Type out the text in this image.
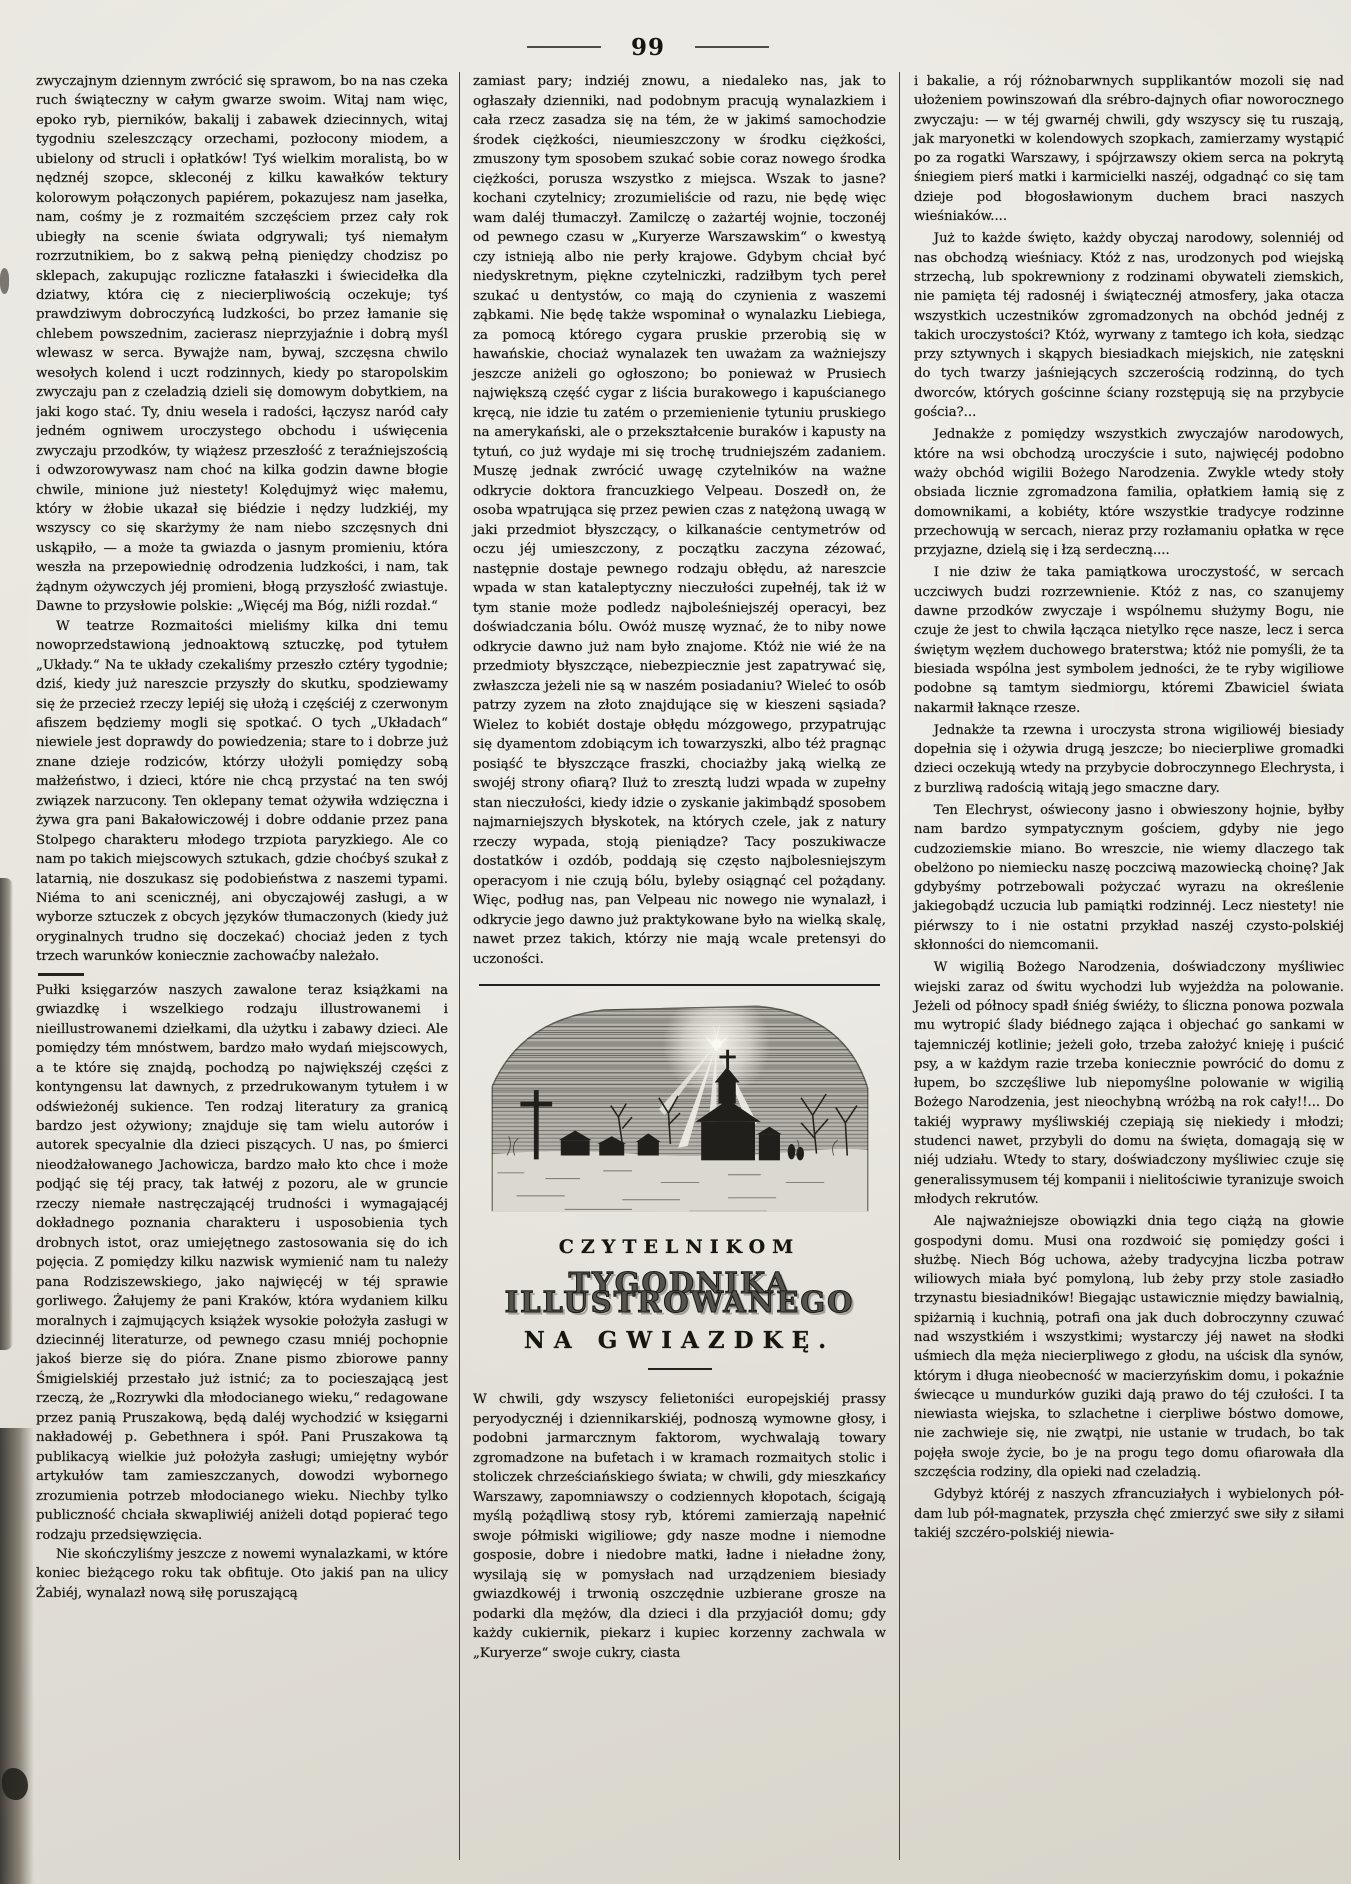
99

zwyczajnym dziennym zwrócić się sprawom, bo na nas czeka ruch świąteczny w całym gwarze swoim. Witaj nam więc, epoko ryb, pierników, bakalij i zabawek dziecinnych, witaj tygodniu szeleszczący orzechami, pozłocony miodem, a ubielony od strucli i opłatków! Tyś wielkim moralistą, bo w nędznéj szopce, skleconéj z kilku kawałków tektury kolorowym połączonych papiérem, pokazujesz nam jasełka, nam, cośmy je z rozmaitém szczęściem przez cały rok ubiegły na scenie świata odgrywali; tyś niemałym rozrzutnikiem, bo z sakwą pełną pieniędzy chodzisz po sklepach, zakupując rozliczne fatałaszki i świecidełka dla dziatwy, która cię z niecierpliwością oczekuje; tyś prawdziwym dobroczyńcą ludzkości, bo przez łamanie się chlebem powszednim, zacierasz nieprzyjaźnie i dobrą myśl wlewasz w serca. Bywajże nam, bywaj, szczęsna chwilo wesołych kolend i uczt rodzinnych, kiedy po staropolskim zwyczaju pan z czeladzią dzieli się domowym dobytkiem, na jaki kogo stać. Ty, dniu wesela i radości, łączysz naród cały jedném ogniwem uroczystego obchodu i uświęcenia zwyczaju przodków, ty wiążesz przeszłość z teraźniejszością i odwzorowywasz nam choć na kilka godzin dawne błogie chwile, minione już niestety! Kolędujmyż więc małemu, który w żłobie ukazał się biédzie i nędzy ludzkiéj, my wszyscy co się skarżymy że nam niebo szczęsnych dni uskąpiło, — a może ta gwiazda o jasnym promieniu, która weszła na przepowiednię odrodzenia ludzkości, i nam, tak żądnym ożywczych jéj promieni, błogą przyszłość zwiastuje. Dawne to przysłowie polskie: „Więcéj ma Bóg, niźli rozdał.“

W teatrze Rozmaitości mieliśmy kilka dni temu nowoprzedstawioną jednoaktową sztuczkę, pod tytułem „Układy.“ Na te układy czekaliśmy przeszło cztéry tygodnie; dziś, kiedy już nareszcie przyszły do skutku, spodziewamy się że przecież rzeczy lepiéj się ułożą i częściéj z czerwonym afiszem będziemy mogli się spotkać. O tych „Układach“ niewiele jest doprawdy do powiedzenia; stare to i dobrze już znane dzieje rodziców, którzy ułożyli pomiędzy sobą małżeństwo, i dzieci, które nie chcą przystać na ten swój związek narzucony. Ten oklepany temat ożywiła wdzięczna i żywa gra pani Bakałowiczowéj i dobre oddanie przez pana Stolpego charakteru młodego trzpiota paryzkiego. Ale co nam po takich miejscowych sztukach, gdzie choćbyś szukał z latarnią, nie doszukasz się podobieństwa z naszemi typami. Niéma to ani scenicznéj, ani obyczajowéj zasługi, a w wyborze sztuczek z obcych języków tłumaczonych (kiedy już oryginalnych trudno się doczekać) chociaż jeden z tych trzech warunków koniecznie zachowaćby należało.

Pułki księgarzów naszych zawalone teraz książkami na gwiazdkę i wszelkiego rodzaju illustrowanemi i nieillustrowanemi dziełkami, dla użytku i zabawy dzieci. Ale pomiędzy tém mnóstwem, bardzo mało wydań miejscowych, a te które się znajdą, pochodzą po największéj części z kontyngensu lat dawnych, z przedrukowanym tytułem i w odświeżonéj sukience. Ten rodzaj literatury za granicą bardzo jest ożywiony; znajduje się tam wielu autorów i autorek specyalnie dla dzieci piszących. U nas, po śmierci nieodżałowanego Jachowicza, bardzo mało kto chce i może podjąć się téj pracy, tak łatwéj z pozoru, ale w gruncie rzeczy niemałe nastręczającéj trudności i wymagającéj dokładnego poznania charakteru i usposobienia tych drobnych istot, oraz umiejętnego zastosowania się do ich pojęcia. Z pomiędzy kilku nazwisk wymienić nam tu należy pana Rodziszewskiego, jako najwięcéj w téj sprawie gorliwego. Żałujemy że pani Kraków, która wydaniem kilku moralnych i zajmujących książek wysokie położyła zasługi w dziecinnéj literaturze, od pewnego czasu mniéj pochopnie jakoś bierze się do pióra. Znane pismo zbiorowe panny Śmigielskiéj przestało już istnić; za to pocieszającą jest rzeczą, że „Rozrywki dla młodocianego wieku,“ redagowane przez panią Pruszakową, będą daléj wychodzić w księgarni nakładowéj p. Gebethnera i spół. Pani Pruszakowa tą publikacyą wielkie już położyła zasługi; umiejętny wybór artykułów tam zamieszczanych, dowodzi wybornego zrozumienia potrzeb młodocianego wieku. Niechby tylko publiczność chciała skwapliwiéj aniżeli dotąd popierać tego rodzaju przedsięwzięcia.

Nie skończyliśmy jeszcze z nowemi wynalazkami, w które koniec bieżącego roku tak obfituje. Oto jakiś pan na ulicy Żabiéj, wynalazł nową siłę poruszającą

zamiast pary; indziéj znowu, a niedaleko nas, jak to ogłaszały dzienniki, nad podobnym pracują wynalazkiem i cała rzecz zasadza się na tém, że w jakimś samochodzie środek ciężkości, nieumieszczony w środku ciężkości, zmuszony tym sposobem szukać sobie coraz nowego środka ciężkości, porusza wszystko z miejsca. Wszak to jasne? kochani czytelnicy; zrozumieliście od razu, nie będę więc wam daléj tłumaczył. Zamilczę o zażartéj wojnie, toczonéj od pewnego czasu w „Kuryerze Warszawskim“ o kwestyą czy istnieją albo nie perły krajowe. Gdybym chciał być niedyskretnym, piękne czytelniczki, radziłbym tych pereł szukać u dentystów, co mają do czynienia z waszemi ząbkami. Nie będę także wspominał o wynalazku Liebiega, za pomocą którego cygara pruskie przerobią się w hawańskie, chociaż wynalazek ten uważam za ważniejszy jeszcze aniżeli go ogłoszono; bo ponieważ w Prusiech największą część cygar z liścia burakowego i kapuścianego kręcą, nie idzie tu zatém o przemienienie tytuniu pruskiego na amerykański, ale o przekształcenie buraków i kapusty na tytuń, co już wydaje mi się trochę trudniejszém zadaniem. Muszę jednak zwrócić uwagę czytelników na ważne odkrycie doktora francuzkiego Velpeau. Doszedł on, że osoba wpatrująca się przez pewien czas z natężoną uwagą w jaki przedmiot błyszczący, o kilkanaście centymetrów od oczu jéj umieszczony, z początku zaczyna zézować, następnie dostaje pewnego rodzaju obłędu, aż nareszcie wpada w stan kataleptyczny nieczułości zupełnéj, tak iż w tym stanie może podledz najboleśniejszéj operacyi, bez doświadczania bólu. Owóż muszę wyznać, że to niby nowe odkrycie dawno już nam było znajome. Któż nie wié że na przedmioty błyszczące, niebezpiecznie jest zapatrywać się, zwłaszcza jeżeli nie są w naszém posiadaniu? Wieleć to osób patrzy zyzem na złoto znajdujące się w kieszeni sąsiada? Wielez to kobiét dostaje obłędu mózgowego, przypatrując się dyamentom zdobiącym ich towarzyszki, albo téż pragnąc posiąść te błyszczące fraszki, chociażby jaką wielką ze swojéj strony ofiarą? Iluż to zresztą ludzi wpada w zupełny stan nieczułości, kiedy idzie o zyskanie jakimbądź sposobem najmarniejszych błyskotek, na których czele, jak z natury rzeczy wypada, stoją pieniądze? Tacy poszukiwacze dostatków i ozdób, poddają się często najbolesniejszym operacyom i nie czują bólu, byleby osiągnąć cel pożądany. Więc, podług nas, pan Velpeau nic nowego nie wynalazł, i odkrycie jego dawno już praktykowane było na wielką skalę, nawet przez takich, którzy nie mają wcale pretensyi do uczoności.

CZYTELNIKOM

TYGODNIKA ILLUSTROWANEGO

NA GWIAZDKĘ.

W chwili, gdy wszyscy felietoniści europejskiéj prassy peryodycznéj i dziennikarskiéj, podnoszą wymowne głosy, i podobni jarmarcznym faktorom, wychwalają towary zgromadzone na bufetach i w kramach rozmaitych stolic i stoliczek chrześciańskiego świata; w chwili, gdy mieszkańcy Warszawy, zapomniawszy o codziennych kłopotach, ścigają myślą pożądliwą stosy ryb, któremi zamierzają napełnić swoje półmiski wigiliowe; gdy nasze modne i niemodne gosposie, dobre i niedobre matki, ładne i nieładne żony, wysilają się w pomysłach nad urządzeniem biesiady gwiazdkowéj i trwonią oszczędnie uzbierane grosze na podarki dla mężów, dla dzieci i dla przyjaciół domu; gdy każdy cukiernik, piekarz i kupiec korzenny zachwala w „Kuryerze“ swoje cukry, ciasta

i bakalie, a rój różnobarwnych supplikantów mozoli się nad ułożeniem powinszowań dla srébro-dajnych ofiar noworocznego zwyczaju: — w téj gwarnéj chwili, gdy wszyscy się tu ruszają, jak maryonetki w kolendowych szopkach, zamierzamy wystąpić po za rogatki Warszawy, i spójrzawszy okiem serca na pokrytą śniegiem pierś matki i karmicielki naszéj, odgadnąć co się tam dzieje pod błogosławionym duchem braci naszych wieśniaków....

Już to każde święto, każdy obyczaj narodowy, solenniéj od nas obchodzą wieśniacy. Któż z nas, urodzonych pod wiejską strzechą, lub spokrewniony z rodzinami obywateli ziemskich, nie pamięta téj radosnéj i świątecznéj atmosfery, jaka otacza wszystkich uczestników zgromadzonych na obchód jednéj z takich uroczystości? Któż, wyrwany z tamtego ich koła, siedząc przy sztywnych i skąpych biesiadkach miejskich, nie zatęskni do tych twarzy jaśniejących szczerością rodzinną, do tych dworców, których gościnne ściany rozstępują się na przybycie gościa?...

Jednakże z pomiędzy wszystkich zwyczajów narodowych, które na wsi obchodzą uroczyście i suto, najwięcéj podobno waży obchód wigilii Bożego Narodzenia. Zwykle wtedy stoły obsiada licznie zgromadzona familia, opłatkiem łamią się z domownikami, a kobiéty, które wszystkie tradycye rodzinne przechowują w sercach, nieraz przy rozłamaniu opłatka w ręce przyjazne, dzielą się i łzą serdeczną....

I nie dziw że taka pamiątkowa uroczystość, w sercach uczciwych budzi rozrzewnienie. Któż z nas, co szanujemy dawne przodków zwyczaje i wspólnemu służymy Bogu, nie czuje że jest to chwila łącząca nietylko ręce nasze, lecz i serca świętym węzłem duchowego braterstwa; któż nie pomyśli, że ta biesiada wspólna jest symbolem jedności, że te ryby wigiliowe podobne są tamtym siedmiorgu, któremi Zbawiciel świata nakarmił łaknące rzesze.

Jednakże ta rzewna i uroczysta strona wigiliowéj biesiady dopełnia się i ożywia drugą jeszcze; bo niecierpliwe gromadki dzieci oczekują wtedy na przybycie dobroczynnego Elechrysta, i z burzliwą radością witają jego smaczne dary.

Ten Elechryst, oświecony jasno i obwieszony hojnie, byłby nam bardzo sympatycznym gościem, gdyby nie jego cudzoziemskie miano. Bo wreszcie, nie wiemy dlaczego tak obelżono po niemiecku naszę poczciwą mazowiecką choinę? Jak gdybyśmy potrzebowali pożyczać wyrazu na określenie jakiegobądź uczucia lub pamiątki rodzinnéj. Lecz niestety! nie piérwszy to i nie ostatni przykład naszéj czysto-polskiéj skłonności do niemcomanii.

W wigilią Bożego Narodzenia, doświadczony myśliwiec wiejski zaraz od świtu wychodzi lub wyjeżdża na polowanie. Jeżeli od północy spadł śniég świéży, to śliczna ponowa pozwala mu wytropić ślady biédnego zająca i objechać go sankami w tajemniczéj kotlinie; jeżeli goło, trzeba założyć knieję i puścić psy, a w każdym razie trzeba koniecznie powrócić do domu z łupem, bo szczęśliwe lub niepomyślne polowanie w wigilią Bożego Narodzenia, jest nieochybną wróżbą na rok cały!!... Do takiéj wyprawy myśliwskiéj czepiają się niekiedy i młodzi; studenci nawet, przybyli do domu na święta, domagają się w niéj udziału. Wtedy to stary, doświadczony myśliwiec czuje się generalissymusem téj kompanii i nielitościwie tyranizuje swoich młodych rekrutów.

Ale najważniejsze obowiązki dnia tego ciążą na głowie gospodyni domu. Musi ona rozdwoić się pomiędzy gości i służbę. Niech Bóg uchowa, ażeby tradycyjna liczba potraw wiliowych miała być pomyloną, lub żeby przy stole zasiadło trzynastu biesiadników! Biegając ustawicznie między bawialnią, spiżarnią i kuchnią, potrafi ona jak duch dobroczynny czuwać nad wszystkiém i wszystkimi; wystarczy jéj nawet na słodki uśmiech dla męża niecierpliwego z głodu, na uścisk dla synów, którym i długa nieobecność w macierzyńskim domu, i pokaźnie świecące u mundurków guziki dają prawo do téj czułości. I ta niewiasta wiejska, to szlachetne i cierpliwe bóstwo domowe, nie zachwieje się, nie zwątpi, nie ustanie w trudach, bo tak pojęła swoje życie, bo je na progu tego domu ofiarowała dla szczęścia rodziny, dla opieki nad czeladzią.

Gdybyż któréj z naszych zfrancuziałych i wybielonych pół-dam lub pół-magnatek, przyszła chęć zmierzyć swe siły z siłami takiéj szczéro-polskiéj niewia-
